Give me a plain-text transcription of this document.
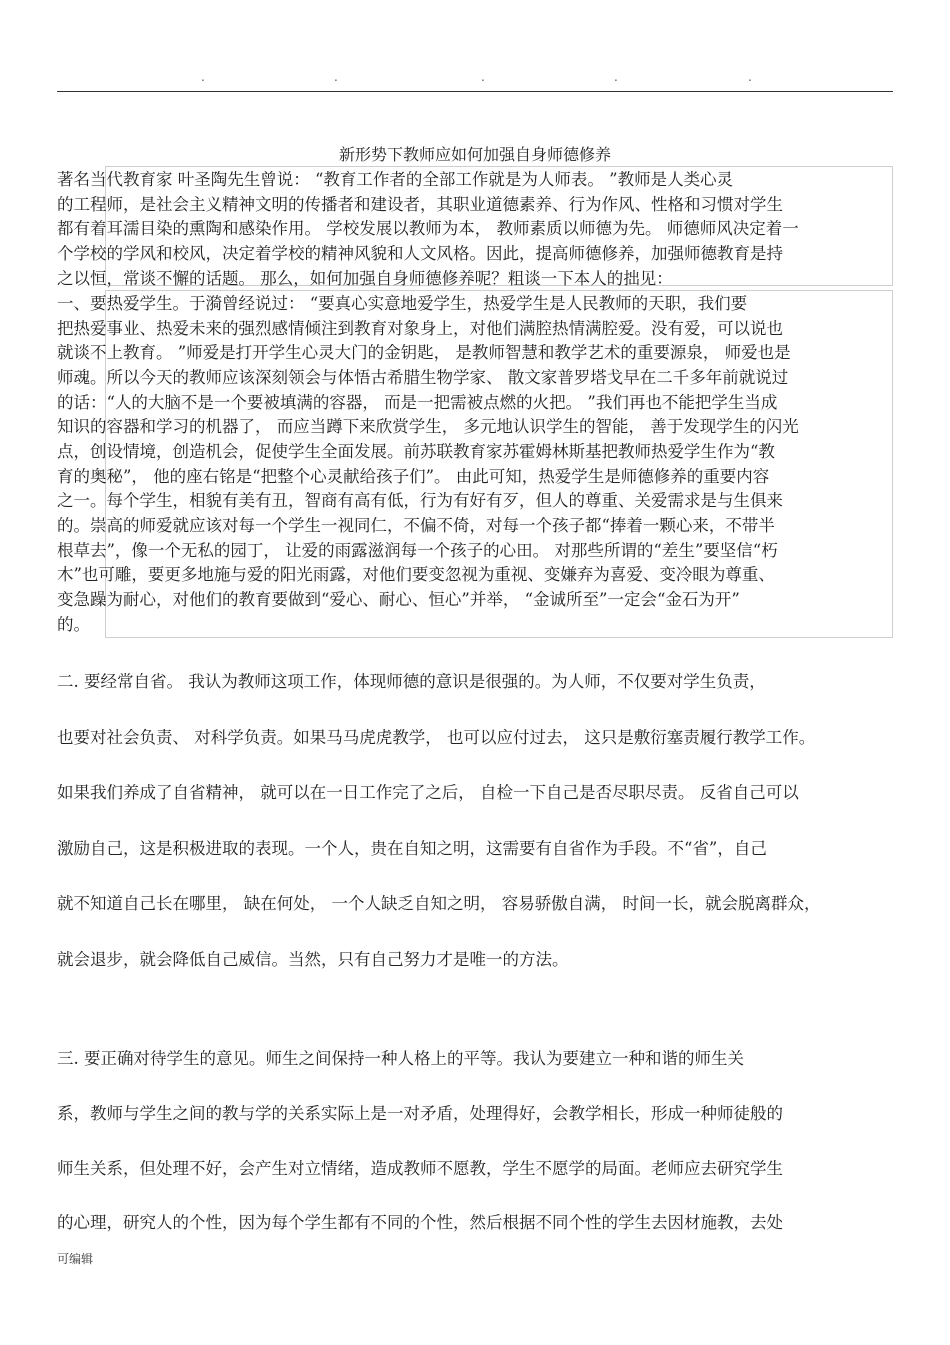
.	.	.	.	.
新形势下教师应如何加强自身师德修养
著名当代教育家 叶圣陶先生曾说： “教育工作者的全部工作就是为人师表。 ”教师是人类心灵
的工程师，是社会主义精神文明的传播者和建设者，其职业道德素养、行为作风、性格和习惯对学生
都有着耳濡目染的熏陶和感染作用。 学校发展以教师为本， 教师素质以师德为先。 师德师风决定着一
个学校的学风和校风，决定着学校的精神风貌和人文风格。因此，提高师德修养，加强师德教育是持
之以恒，常谈不懈的话题。 那么，如何加强自身师德修养呢？粗谈一下本人的拙见：
一、要热爱学生。于漪曾经说过： “要真心实意地爱学生，热爱学生是人民教师的天职，我们要
把热爱事业、热爱未来的强烈感情倾注到教育对象身上，对他们满腔热情满腔爱。没有爱，可以说也
就谈不上教育。 ”师爱是打开学生心灵大门的金钥匙， 是教师智慧和教学艺术的重要源泉， 师爱也是
师魂。所以今天的教师应该深刻领会与体悟古希腊生物学家、 散文家普罗塔戈早在二千多年前就说过
的话：“人的大脑不是一个要被填满的容器， 而是一把需被点燃的火把。 ”我们再也不能把学生当成
知识的容器和学习的机器了， 而应当蹲下来欣赏学生， 多元地认识学生的智能， 善于发现学生的闪光
点，创设情境，创造机会，促使学生全面发展。前苏联教育家苏霍姆林斯基把教师热爱学生作为“教
育的奥秘”， 他的座右铭是“把整个心灵献给孩子们”。 由此可知，热爱学生是师德修养的重要内容
之一。每个学生，相貌有美有丑，智商有高有低，行为有好有歹，但人的尊重、关爱需求是与生俱来
的。崇高的师爱就应该对每一个学生一视同仁，不偏不倚，对每一个孩子都“捧着一颗心来，不带半
根草去”，像一个无私的园丁， 让爱的雨露滋润每一个孩子的心田。 对那些所谓的“差生”要坚信“朽
木”也可雕，要更多地施与爱的阳光雨露，对他们要变忽视为重视、变嫌弃为喜爱、变冷眼为尊重、
变急躁为耐心，对他们的教育要做到“爱心、耐心、恒心”并举， “金诚所至”一定会“金石为开”
的。
二. 要经常自省。 我认为教师这项工作，体现师德的意识是很强的。为人师，不仅要对学生负责，
也要对社会负责、 对科学负责。如果马马虎虎教学， 也可以应付过去， 这只是敷衍塞责履行教学工作。
如果我们养成了自省精神， 就可以在一日工作完了之后， 自检一下自己是否尽职尽责。 反省自己可以
激励自己，这是积极进取的表现。一个人，贵在自知之明，这需要有自省作为手段。不“省”，自己
就不知道自己长在哪里， 缺在何处， 一个人缺乏自知之明， 容易骄傲自满， 时间一长，就会脱离群众，
就会退步，就会降低自己威信。当然，只有自己努力才是唯一的方法。
三. 要正确对待学生的意见。师生之间保持一种人格上的平等。我认为要建立一种和谐的师生关
系，教师与学生之间的教与学的关系实际上是一对矛盾，处理得好，会教学相长，形成一种师徒般的
师生关系，但处理不好，会产生对立情绪，造成教师不愿教，学生不愿学的局面。老师应去研究学生
的心理，研究人的个性，因为每个学生都有不同的个性，然后根据不同个性的学生去因材施教，去处
可编辑
